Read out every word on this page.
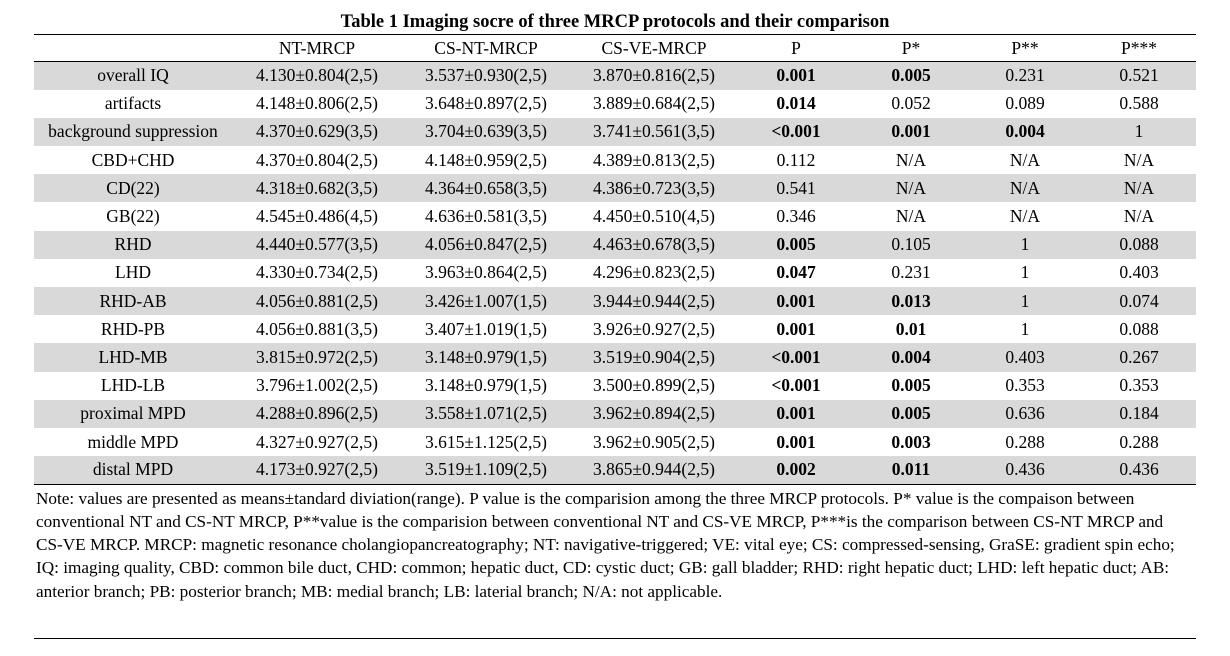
Table 1 Imaging socre of three MRCP protocols and their comparison
	NT-MRCP	CS-NT-MRCP	CS-VE-MRCP	P	P*	P**	P***
overall IQ	4.130±0.804(2,5)	3.537±0.930(2,5)	3.870±0.816(2,5)	0.001	0.005	0.231	0.521
artifacts	4.148±0.806(2,5)	3.648±0.897(2,5)	3.889±0.684(2,5)	0.014	0.052	0.089	0.588
background suppression	4.370±0.629(3,5)	3.704±0.639(3,5)	3.741±0.561(3,5)	<0.001	0.001	0.004	1
CBD+CHD	4.370±0.804(2,5)	4.148±0.959(2,5)	4.389±0.813(2,5)	0.112	N/A	N/A	N/A
CD(22)	4.318±0.682(3,5)	4.364±0.658(3,5)	4.386±0.723(3,5)	0.541	N/A	N/A	N/A
GB(22)	4.545±0.486(4,5)	4.636±0.581(3,5)	4.450±0.510(4,5)	0.346	N/A	N/A	N/A
RHD	4.440±0.577(3,5)	4.056±0.847(2,5)	4.463±0.678(3,5)	0.005	0.105	1	0.088
LHD	4.330±0.734(2,5)	3.963±0.864(2,5)	4.296±0.823(2,5)	0.047	0.231	1	0.403
RHD-AB	4.056±0.881(2,5)	3.426±1.007(1,5)	3.944±0.944(2,5)	0.001	0.013	1	0.074
RHD-PB	4.056±0.881(3,5)	3.407±1.019(1,5)	3.926±0.927(2,5)	0.001	0.01	1	0.088
LHD-MB	3.815±0.972(2,5)	3.148±0.979(1,5)	3.519±0.904(2,5)	<0.001	0.004	0.403	0.267
LHD-LB	3.796±1.002(2,5)	3.148±0.979(1,5)	3.500±0.899(2,5)	<0.001	0.005	0.353	0.353
proximal MPD	4.288±0.896(2,5)	3.558±1.071(2,5)	3.962±0.894(2,5)	0.001	0.005	0.636	0.184
middle MPD	4.327±0.927(2,5)	3.615±1.125(2,5)	3.962±0.905(2,5)	0.001	0.003	0.288	0.288
distal MPD	4.173±0.927(2,5)	3.519±1.109(2,5)	3.865±0.944(2,5)	0.002	0.011	0.436	0.436
Note: values are presented as means±tandard diviation(range). P value is the comparision among the three MRCP protocols. P* value is the compaison between conventional NT and CS-NT MRCP, P**value is the comparision between conventional NT and CS-VE MRCP, P***is the comparison between CS-NT MRCP and CS-VE MRCP. MRCP: magnetic resonance cholangiopancreatography; NT: navigative-triggered; VE: vital eye; CS: compressed-sensing, GraSE: gradient spin echo; IQ: imaging quality, CBD: common bile duct, CHD: common; hepatic duct, CD: cystic duct; GB: gall bladder; RHD: right hepatic duct; LHD: left hepatic duct; AB: anterior branch; PB: posterior branch; MB: medial branch; LB: laterial branch; N/A: not applicable.
